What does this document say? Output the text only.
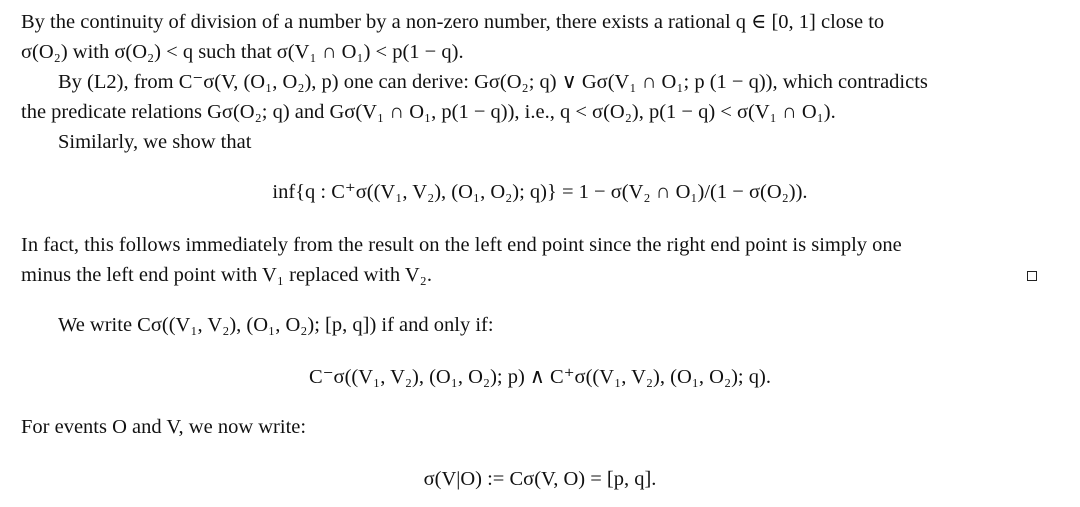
By the continuity of division of a number by a non-zero number, there exists a rational q ∈ [0, 1] close to
σ(O₂) with σ(O₂) < q such that σ(V₁ ∩ O₁) < p(1 − q).
By (L2), from C⁻σ(V, (O₁, O₂), p) one can derive: Gσ(O₂; q) ∨ Gσ(V₁ ∩ O₁; p (1 − q)), which contradicts
the predicate relations Gσ(O₂; q) and Gσ(V₁ ∩ O₁, p(1 − q)), i.e., q < σ(O₂), p(1 − q) < σ(V₁ ∩ O₁).
Similarly, we show that
inf{q : C⁺σ((V₁, V₂), (O₁, O₂); q)} = 1 − σ(V₂ ∩ O₁)/(1 − σ(O₂)).
In fact, this follows immediately from the result on the left end point since the right end point is simply one
minus the left end point with V₁ replaced with V₂.
We write Cσ((V₁, V₂), (O₁, O₂); [p, q]) if and only if:
C⁻σ((V₁, V₂), (O₁, O₂); p) ∧ C⁺σ((V₁, V₂), (O₁, O₂); q).
For events O and V, we now write:
σ(V|O) := Cσ(V, O) = [p, q].
